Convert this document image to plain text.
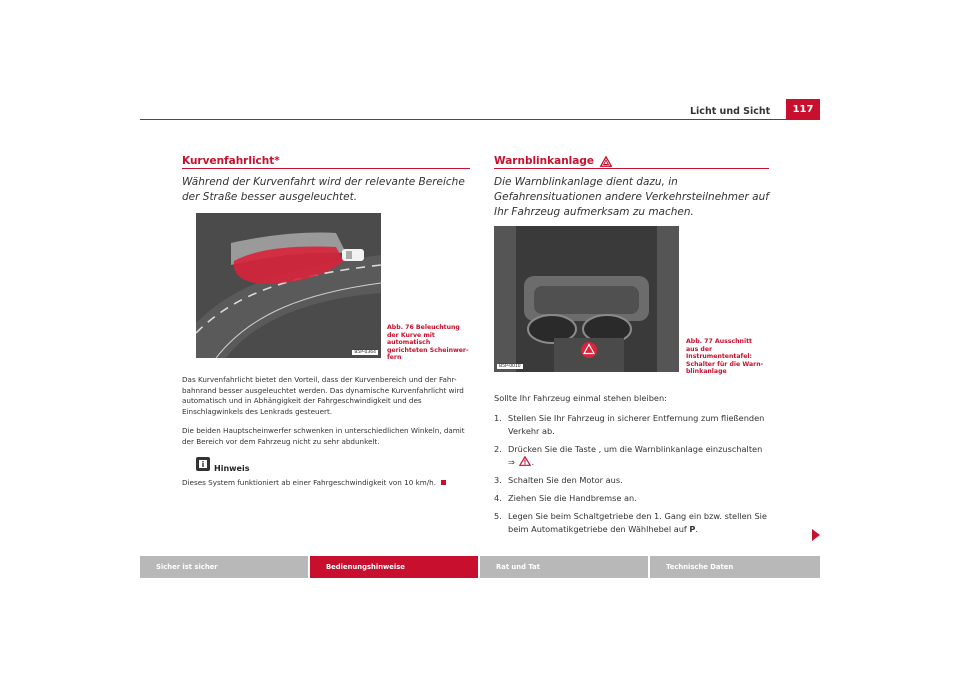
Licht und Sicht	117
Kurvenfahrlicht*
Während der Kurvenfahrt wird der relevante Bereiche der Straße besser ausgeleuchtet.
B5P-0364
Abb. 76 Beleuchtung der Kurve mit automatisch gerichteten Scheinwer-fern
Das Kurvenfahrlicht bietet den Vorteil, dass der Kurvenbereich und der Fahr-bahnrand besser ausgeleuchtet werden. Das dynamische Kurvenfahrlicht wird automatisch und in Abhängigkeit der Fahrgeschwindigkeit und des Einschlagwinkels des Lenkrads gesteuert.
Die beiden Hauptscheinwerfer schwenken in unterschiedlichen Winkeln, damit der Bereich vor dem Fahrzeug nicht zu sehr abdunkelt.
Hinweis
Dieses System funktioniert ab einer Fahrgeschwindigkeit von 10 km/h.
Warnblinkanlage
Die Warnblinkanlage dient dazu, in Gefahrensituationen andere Verkehrsteilnehmer auf Ihr Fahrzeug aufmerksam zu machen.
B5P-0010
Abb. 77 Ausschnitt aus der Instrumententafel: Schalter für die Warn-blinkanlage
Sollte Ihr Fahrzeug einmal stehen bleiben:
1. Stellen Sie Ihr Fahrzeug in sicherer Entfernung zum fließenden Verkehr ab.
2. Drücken Sie die Taste , um die Warnblinkanlage einzuschalten
⇒ .
3. Schalten Sie den Motor aus.
4. Ziehen Sie die Handbremse an.
5. Legen Sie beim Schaltgetriebe den 1. Gang ein bzw. stellen Sie beim Automatikgetriebe den Wählhebel auf P.
Sicher ist sicher	Bedienungshinweise	Rat und Tat	Technische Daten
